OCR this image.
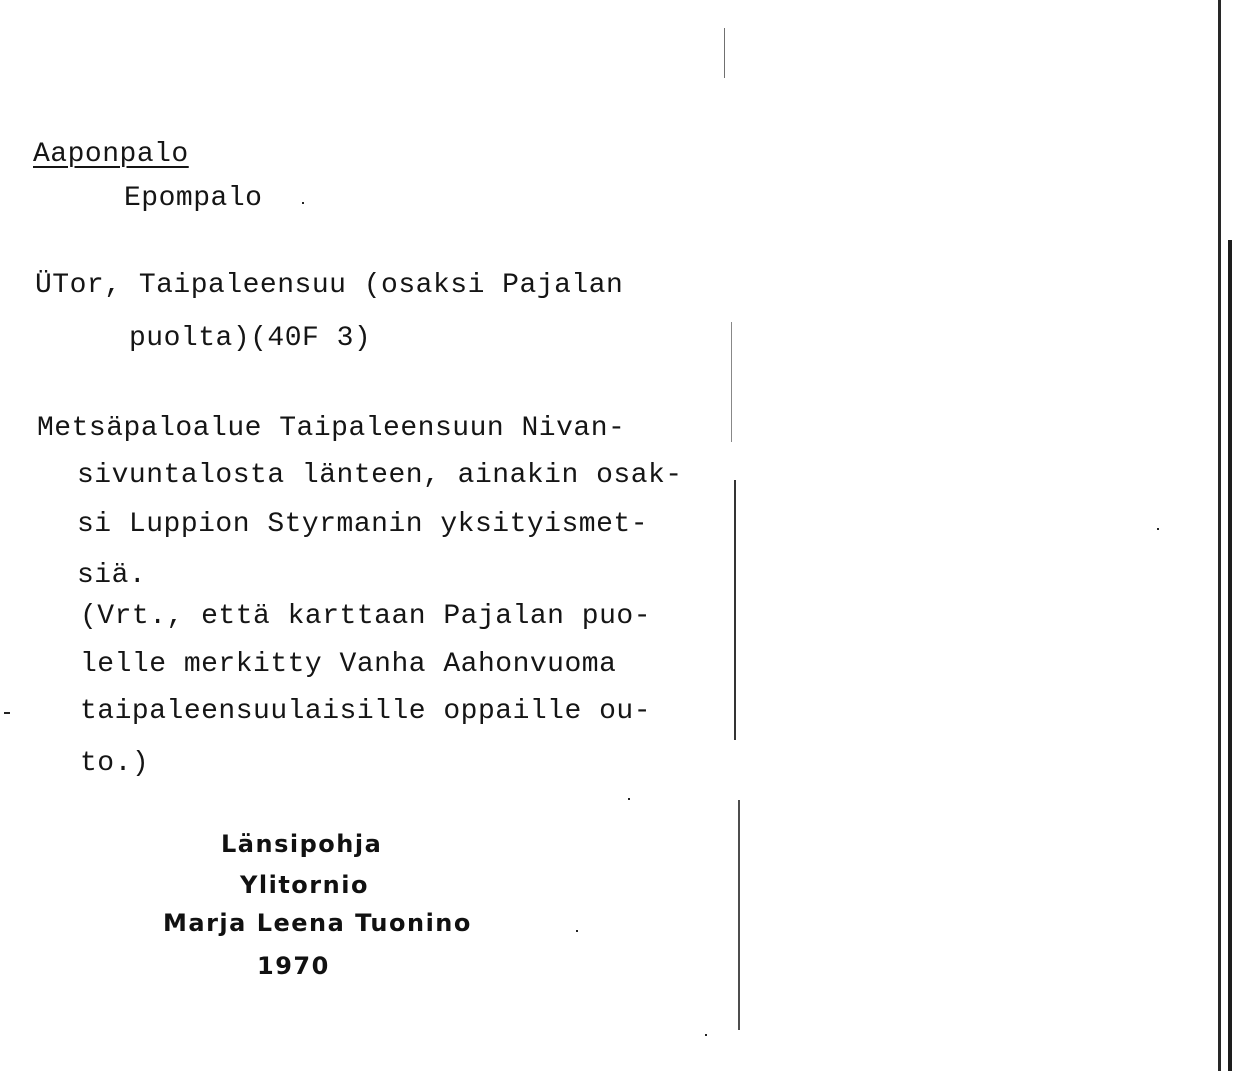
Aaponpalo
Epompalo
ÜTor, Taipaleensuu (osaksi Pajalan
puolta)(40F 3)
Metsäpaloalue Taipaleensuun Nivan-
sivuntalosta länteen, ainakin osak-
si Luppion Styrmanin yksityismet-
siä.
(Vrt., että karttaan Pajalan puo-
lelle merkitty Vanha Aahonvuoma
taipaleensuulaisille oppaille ou-
to.)
Länsipohja
Ylitornio
Marja Leena Tuonino
1970
